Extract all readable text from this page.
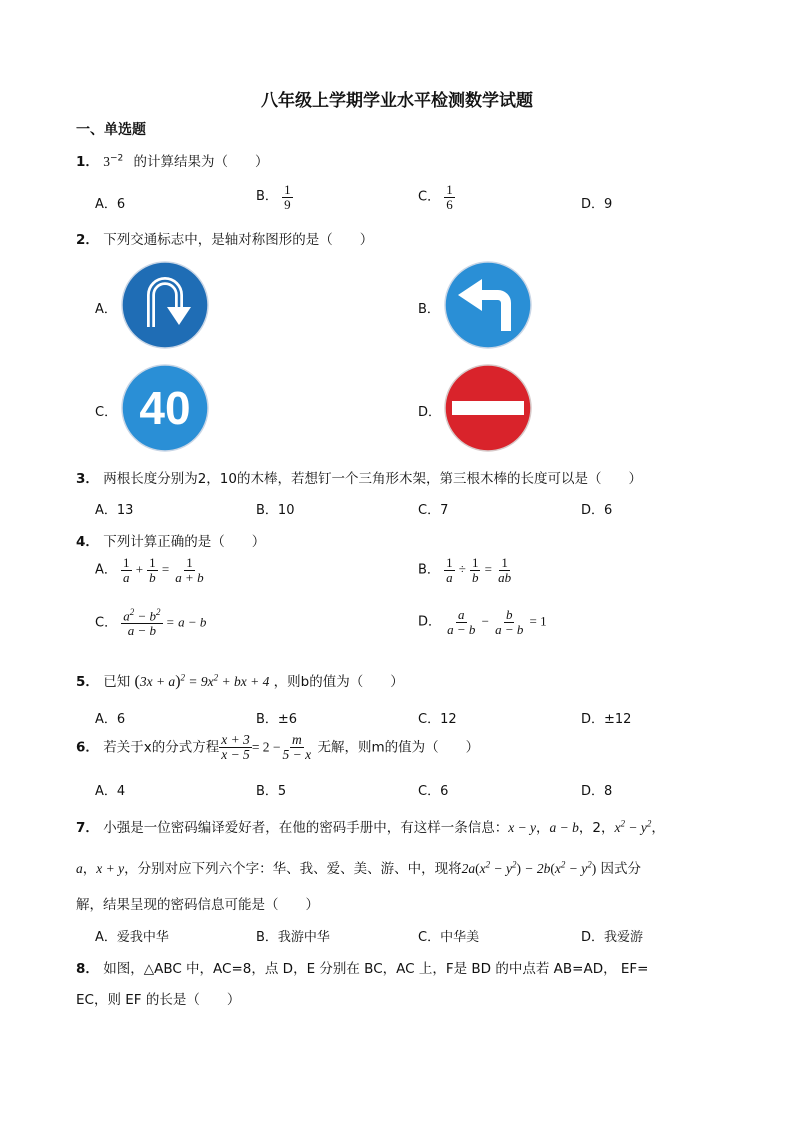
八年级上学期学业水平检测数学试题
一、单选题
1． $3^{-2}$ 的计算结果为（　　）
A．6
B． $\frac{1}{9}$	C． $\frac{1}{6}$	D．9
2． 下列交通标志中，是轴对称图形的是（　　）
A．	B．
C． 40	D．
3． 两根长度分别为2，10的木棒，若想钉一个三角形木架，第三根木棒的长度可以是（　　）
A．13	B．10	C．7	D．6
4． 下列计算正确的是（　　）
A． $\frac{1}{a} + \frac{1}{b} = \frac{1}{a + b}$	B． $\frac{1}{a} \div \frac{1}{b} = \frac{1}{ab}$
C． $\frac{a^2 - b^2}{a - b} = a - b$	D． $\frac{a}{a - b} - \frac{b}{a - b} = 1$
5． 已知 $(3x + a)^2 = 9x^2$ + bx + 4 ，则b的值为（　　）
A．6	B．±6	C．12	D．±12
6． 若关于x的分式方程 $\frac{x + 3}{x - 5} = 2 - \frac{m}{5 - x}$ 无解，则m的值为（　　）
A．4	B．5	C．6	D．8
7． 小强是一位密码编译爱好者，在他的密码手册中，有这样一条信息：x − y，a − b，2，$x^2 - y^2$，
a，x + y，分别对应下列六个字：华、我、爱、美、游、中，现将$2a(x^2 - y^2) - 2b(x^2 - y^2)$ 因式分
解，结果呈现的密码信息可能是（　　）
A．爱我中华	B．我游中华	C．中华美	D．我爱游
8． 如图，△ABC 中，AC=8，点 D，E 分别在 BC，AC 上，F是 BD 的中点若 AB=AD， EF=
EC，则 EF 的长是（　　）
